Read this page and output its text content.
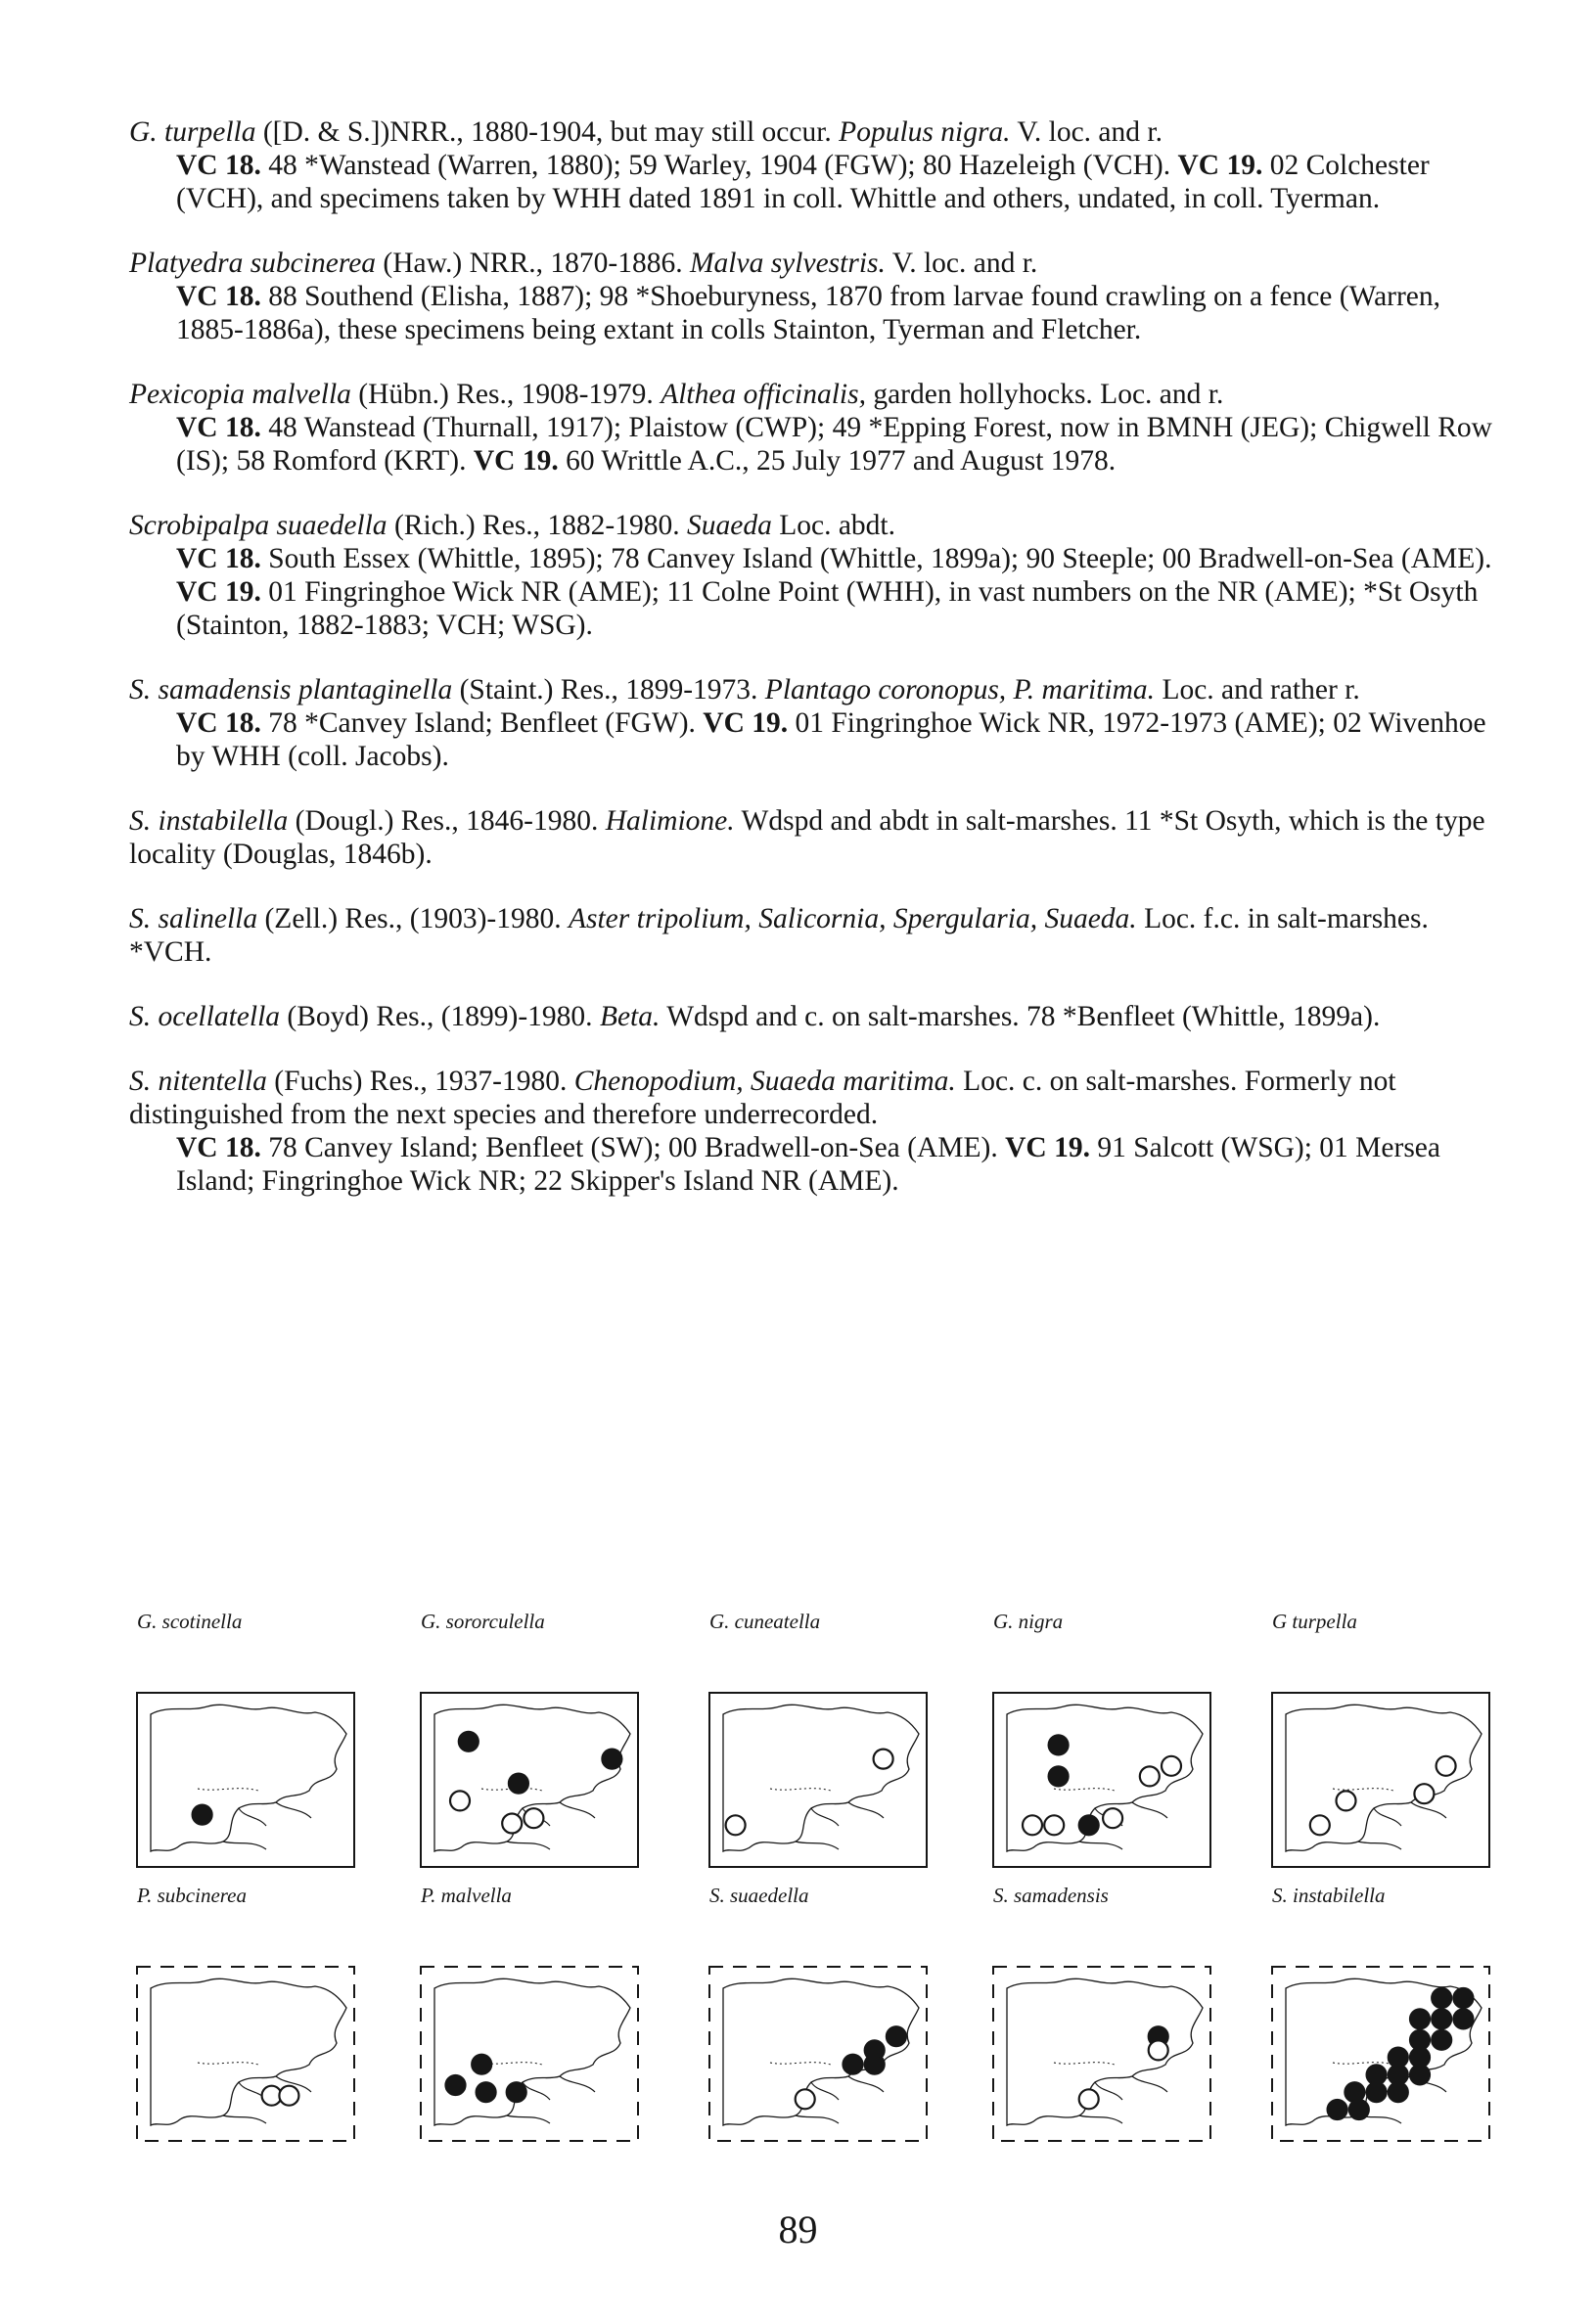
G. turpella ([D. & S.])NRR., 1880-1904, but may still occur. Populus nigra. V. loc. and r.

VC 18. 48 *Wanstead (Warren, 1880); 59 Warley, 1904 (FGW); 80 Hazeleigh (VCH). VC 19. 02 Colchester (VCH), and specimens taken by WHH dated 1891 in coll. Whittle and others, undated, in coll. Tyerman.

Platyedra subcinerea (Haw.) NRR., 1870-1886. Malva sylvestris. V. loc. and r.

VC 18. 88 Southend (Elisha, 1887); 98 *Shoeburyness, 1870 from larvae found crawling on a fence (Warren, 1885-1886a), these specimens being extant in colls Stainton, Tyerman and Fletcher.

Pexicopia malvella (Hübn.) Res., 1908-1979. Althea officinalis, garden hollyhocks. Loc. and r.

VC 18. 48 Wanstead (Thurnall, 1917); Plaistow (CWP); 49 *Epping Forest, now in BMNH (JEG); Chigwell Row (IS); 58 Romford (KRT). VC 19. 60 Writtle A.C., 25 July 1977 and August 1978.

Scrobipalpa suaedella (Rich.) Res., 1882-1980. Suaeda Loc. abdt.

VC 18. South Essex (Whittle, 1895); 78 Canvey Island (Whittle, 1899a); 90 Steeple; 00 Bradwell-on-Sea (AME). VC 19. 01 Fingringhoe Wick NR (AME); 11 Colne Point (WHH), in vast numbers on the NR (AME); *St Osyth (Stainton, 1882-1883; VCH; WSG).

S. samadensis plantaginella (Staint.) Res., 1899-1973. Plantago coronopus, P. maritima. Loc. and rather r.

VC 18. 78 *Canvey Island; Benfleet (FGW). VC 19. 01 Fingringhoe Wick NR, 1972-1973 (AME); 02 Wivenhoe by WHH (coll. Jacobs).

S. instabilella (Dougl.) Res., 1846-1980. Halimione. Wdspd and abdt in salt-marshes. 11 *St Osyth, which is the type locality (Douglas, 1846b).

S. salinella (Zell.) Res., (1903)-1980. Aster tripolium, Salicornia, Spergularia, Suaeda. Loc. f.c. in salt-marshes. *VCH.

S. ocellatella (Boyd) Res., (1899)-1980. Beta. Wdspd and c. on salt-marshes. 78 *Benfleet (Whittle, 1899a).

S. nitentella (Fuchs) Res., 1937-1980. Chenopodium, Suaeda maritima. Loc. c. on salt-marshes. Formerly not distinguished from the next species and therefore underrecorded.

VC 18. 78 Canvey Island; Benfleet (SW); 00 Bradwell-on-Sea (AME). VC 19. 91 Salcott (WSG); 01 Mersea Island; Fingringhoe Wick NR; 22 Skipper's Island NR (AME).

G. scotinella	G. sororculella	G. cuneatella	G. nigra	G turpella
P. subcinerea	P. malvella	S. suaedella	S. samadensis	S. instabilella
89
